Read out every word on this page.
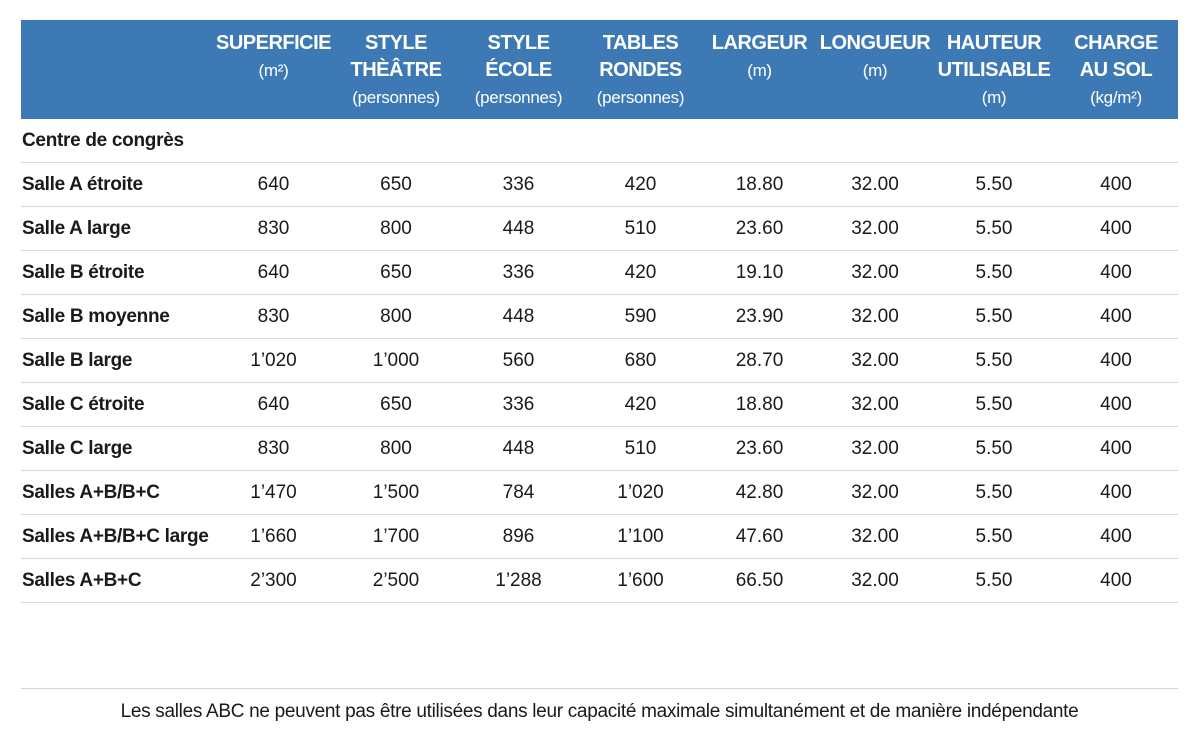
	SUPERFICIE
(m²)	STYLE
THÈÂTRE
(personnes)	STYLE
ÉCOLE
(personnes)	TABLES
RONDES
(personnes)	LARGEUR
(m)	LONGUEUR
(m)	HAUTEUR
UTILISABLE
(m)	CHARGE
AU SOL
(kg/m²)

Centre de congrès								
Salle A étroite	640	650	336	420	18.80	32.00	5.50	400
Salle A large	830	800	448	510	23.60	32.00	5.50	400
Salle B étroite	640	650	336	420	19.10	32.00	5.50	400
Salle B moyenne	830	800	448	590	23.90	32.00	5.50	400
Salle B large	1’020	1’000	560	680	28.70	32.00	5.50	400
Salle C étroite	640	650	336	420	18.80	32.00	5.50	400
Salle C large	830	800	448	510	23.60	32.00	5.50	400
Salles A+B/B+C	1’470	1’500	784	1’020	42.80	32.00	5.50	400
Salles A+B/B+C large	1’660	1’700	896	1’100	47.60	32.00	5.50	400
Salles A+B+C	2’300	2’500	1’288	1’600	66.50	32.00	5.50	400
Les salles ABC ne peuvent pas être utilisées dans leur capacité maximale simultanément et de manière indépendante
